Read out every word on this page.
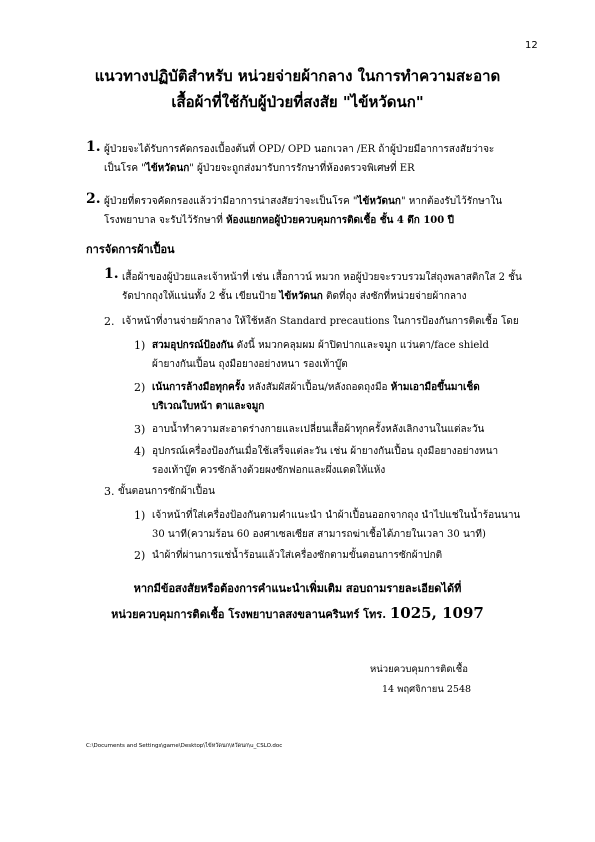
12
แนวทางปฏิบัติสำหรับ หน่วยจ่ายผ้ากลาง ในการทำความสะอาด
เสื้อผ้าที่ใช้กับผู้ป่วยที่สงสัย "ไข้หวัดนก"
1. ผู้ป่วยจะได้รับการคัดกรองเบื้องต้นที่ OPD/ OPD นอกเวลา /ER ถ้าผู้ป่วยมีอาการสงสัยว่าจะ
เป็นโรค "ไข้หวัดนก" ผู้ป่วยจะถูกส่งมารับการรักษาที่ห้องตรวจพิเศษที่ ER
2. ผู้ป่วยที่ตรวจคัดกรองแล้วว่ามีอาการน่าสงสัยว่าจะเป็นโรค "ไข้หวัดนก" หากต้องรับไว้รักษาใน
โรงพยาบาล จะรับไว้รักษาที่ ห้องแยกหอผู้ป่วยควบคุมการติดเชื้อ ชั้น 4 ตึก 100 ปี
การจัดการผ้าเปื้อน
1. เสื้อผ้าของผู้ป่วยและเจ้าหน้าที่ เช่น เสื้อกาวน์ หมวก หอผู้ป่วยจะรวบรวมใส่ถุงพลาสติกใส 2 ชั้น
รัดปากถุงให้แน่นทั้ง 2 ชั้น เขียนป้าย ไข้หวัดนก ติดที่ถุง ส่งซักที่หน่วยจ่ายผ้ากลาง
2. เจ้าหน้าที่งานจ่ายผ้ากลาง ให้ใช้หลัก Standard precautions ในการป้องกันการติดเชื้อ โดย
1) สวมอุปกรณ์ป้องกัน ดังนี้ หมวกคลุมผม ผ้าปิดปากและจมูก แว่นตา/face shield
ผ้ายางกันเปื้อน ถุงมือยางอย่างหนา รองเท้าบู๊ต
2) เน้นการล้างมือทุกครั้ง หลังสัมผัสผ้าเปื้อน/หลังถอดถุงมือ ห้ามเอามือขึ้นมาเช็ด
บริเวณใบหน้า ตาและจมูก
3) อาบน้ำทำความสะอาดร่างกายและเปลี่ยนเสื้อผ้าทุกครั้งหลังเลิกงานในแต่ละวัน
4) อุปกรณ์เครื่องป้องกันเมื่อใช้เสร็จแต่ละวัน เช่น ผ้ายางกันเปื้อน ถุงมือยางอย่างหนา
รองเท้าบู๊ต ควรซักล้างด้วยผงซักฟอกและผึ่งแดดให้แห้ง
3. ขั้นตอนการซักผ้าเปื้อน
1) เจ้าหน้าที่ใส่เครื่องป้องกันตามคำแนะนำ นำผ้าเปื้อนออกจากถุง นำไปแช่ในน้ำร้อนนาน
30 นาที(ความร้อน 60 องศาเซลเซียส สามารถฆ่าเชื้อได้ภายในเวลา 30 นาที)
2) นำผ้าที่ผ่านการแช่น้ำร้อนแล้วใส่เครื่องซักตามขั้นตอนการซักผ้าปกติ
หากมีข้อสงสัยหรือต้องการคำแนะนำเพิ่มเติม สอบถามรายละเอียดได้ที่
หน่วยควบคุมการติดเชื้อ โรงพยาบาลสงขลานครินทร์ โทร. 1025, 1097
หน่วยควบคุมการติดเชื้อ
14 พฤศจิกายน 2548
C:\Documents and Settings\game\Desktop\ไข้หวัดนก\หวัดนก\u_CSLO.doc
